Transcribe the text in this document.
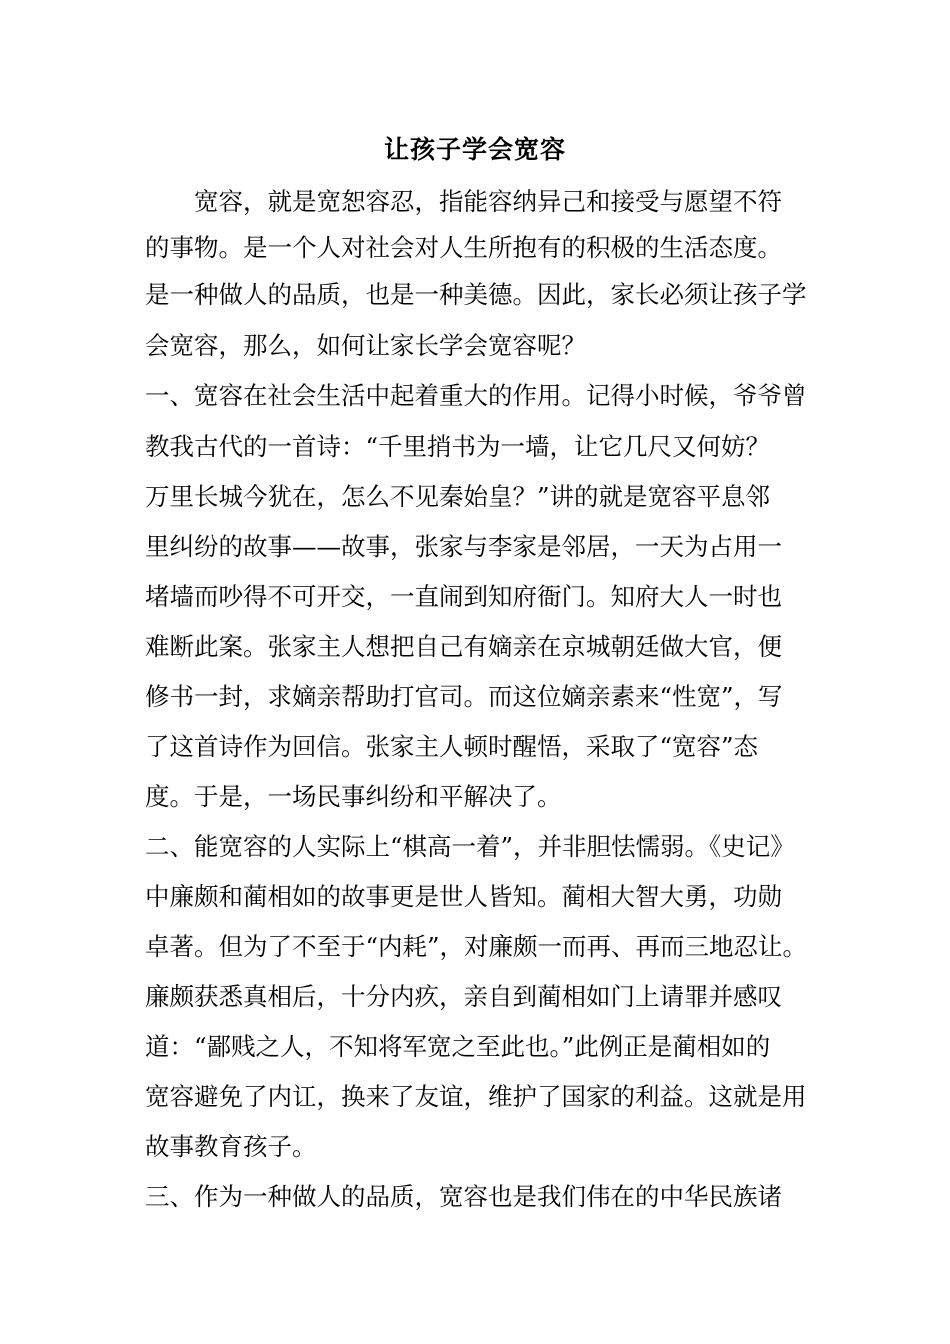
让孩子学会宽容
宽容，就是宽恕容忍，指能容纳异己和接受与愿望不符
的事物。是一个人对社会对人生所抱有的积极的生活态度。
是一种做人的品质，也是一种美德。因此，家长必须让孩子学
会宽容，那么，如何让家长学会宽容呢？
一、宽容在社会生活中起着重大的作用。记得小时候，爷爷曾
教我古代的一首诗：“千里捎书为一墙，让它几尺又何妨？
万里长城今犹在，怎么不见秦始皇？”讲的就是宽容平息邻
里纠纷的故事——故事，张家与李家是邻居，一天为占用一
堵墙而吵得不可开交，一直闹到知府衙门。知府大人一时也
难断此案。张家主人想把自己有嫡亲在京城朝廷做大官，便
修书一封，求嫡亲帮助打官司。而这位嫡亲素来“性宽”，写
了这首诗作为回信。张家主人顿时醒悟，采取了“宽容”态
度。于是，一场民事纠纷和平解决了。
二、能宽容的人实际上“棋高一着”，并非胆怯懦弱。《史记》
中廉颇和蔺相如的故事更是世人皆知。蔺相大智大勇，功勋
卓著。但为了不至于“内耗”，对廉颇一而再、再而三地忍让。
廉颇获悉真相后，十分内疚，亲自到蔺相如门上请罪并感叹
道：“鄙贱之人，不知将军宽之至此也。”此例正是蔺相如的
宽容避免了内讧，换来了友谊，维护了国家的利益。这就是用
故事教育孩子。
三、作为一种做人的品质，宽容也是我们伟在的中华民族诸
